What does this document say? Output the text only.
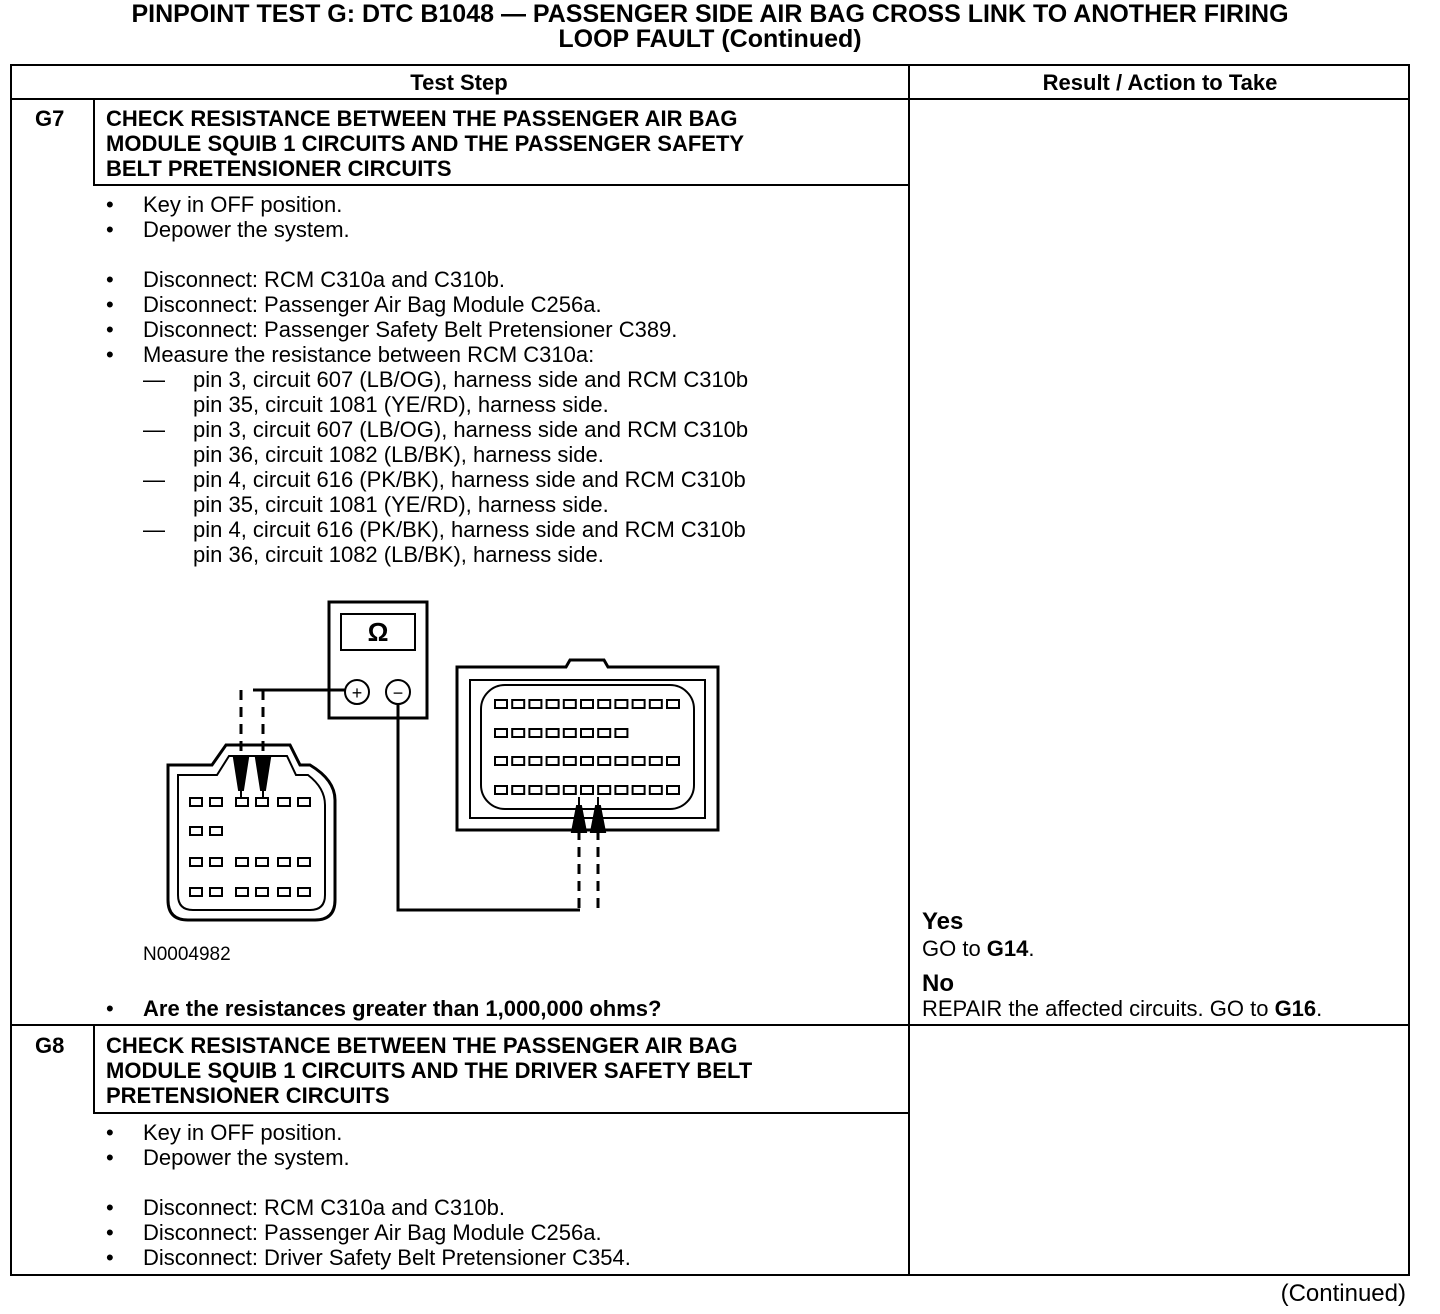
PINPOINT TEST G: DTC B1048 — PASSENGER SIDE AIR BAG CROSS LINK TO ANOTHER FIRING
LOOP FAULT (Continued)
Test Step	Result / Action to Take
G7 CHECK RESISTANCE BETWEEN THE PASSENGER AIR BAG
MODULE SQUIB 1 CIRCUITS AND THE PASSENGER SAFETY
BELT PRETENSIONER CIRCUITS
• Key in OFF position.
• Depower the system.
• Disconnect: RCM C310a and C310b.
• Disconnect: Passenger Air Bag Module C256a.
• Disconnect: Passenger Safety Belt Pretensioner C389.
• Measure the resistance between RCM C310a:
— pin 3, circuit 607 (LB/OG), harness side and RCM C310b
pin 35, circuit 1081 (YE/RD), harness side.
— pin 3, circuit 607 (LB/OG), harness side and RCM C310b
pin 36, circuit 1082 (LB/BK), harness side.
— pin 4, circuit 616 (PK/BK), harness side and RCM C310b
pin 35, circuit 1081 (YE/RD), harness side.
— pin 4, circuit 616 (PK/BK), harness side and RCM C310b
pin 36, circuit 1082 (LB/BK), harness side.
Ω
+ −
N0004982
• Are the resistances greater than 1,000,000 ohms?
Yes
GO to G14.
No
REPAIR the affected circuits. GO to G16.
G8 CHECK RESISTANCE BETWEEN THE PASSENGER AIR BAG
MODULE SQUIB 1 CIRCUITS AND THE DRIVER SAFETY BELT
PRETENSIONER CIRCUITS
• Key in OFF position.
• Depower the system.
• Disconnect: RCM C310a and C310b.
• Disconnect: Passenger Air Bag Module C256a.
• Disconnect: Driver Safety Belt Pretensioner C354.
(Continued)
